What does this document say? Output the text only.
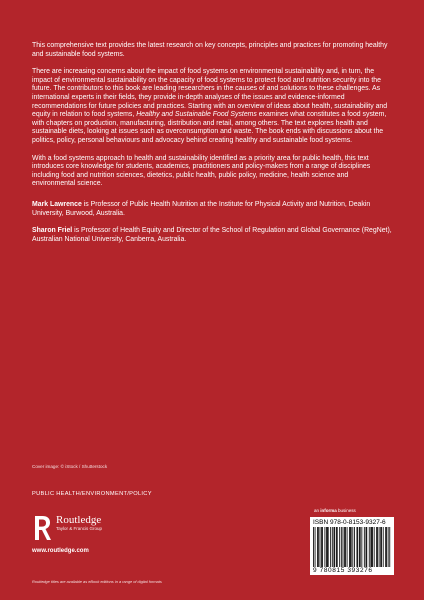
This comprehensive text provides the latest research on key concepts, principles and practices for promoting healthy and sustainable food systems.

There are increasing concerns about the impact of food systems on environmental sustainability and, in turn, the impact of environmental sustainability on the capacity of food systems to protect food and nutrition security into the future. The contributors to this book are leading researchers in the causes of and solutions to these challenges. As international experts in their fields, they provide in-depth analyses of the issues and evidence-informed recommendations for future policies and practices. Starting with an overview of ideas about health, sustainability and equity in relation to food systems, Healthy and Sustainable Food Systems examines what constitutes a food system, with chapters on production, manufacturing, distribution and retail, among others. The text explores health and sustainable diets, looking at issues such as overconsumption and waste. The book ends with discussions about the politics, policy, personal behaviours and advocacy behind creating healthy and sustainable food systems.

With a food systems approach to health and sustainability identified as a priority area for public health, this text introduces core knowledge for students, academics, practitioners and policy-makers from a range of disciplines including food and nutrition sciences, dietetics, public health, public policy, medicine, health science and environmental science.

Mark Lawrence is Professor of Public Health Nutrition at the Institute for Physical Activity and Nutrition, Deakin University, Burwood, Australia.

Sharon Friel is Professor of Health Equity and Director of the School of Regulation and Global Governance (RegNet), Australian National University, Canberra, Australia.

Cover image: © iStock / Shutterstock
PUBLIC HEALTH/ENVIRONMENT/POLICY
Routledge
Taylor & Francis Group
www.routledge.com
Routledge titles are available as eBook editions in a range of digital formats
an informa business
ISBN 978-0-8153-9327-6
9 780815 393276
